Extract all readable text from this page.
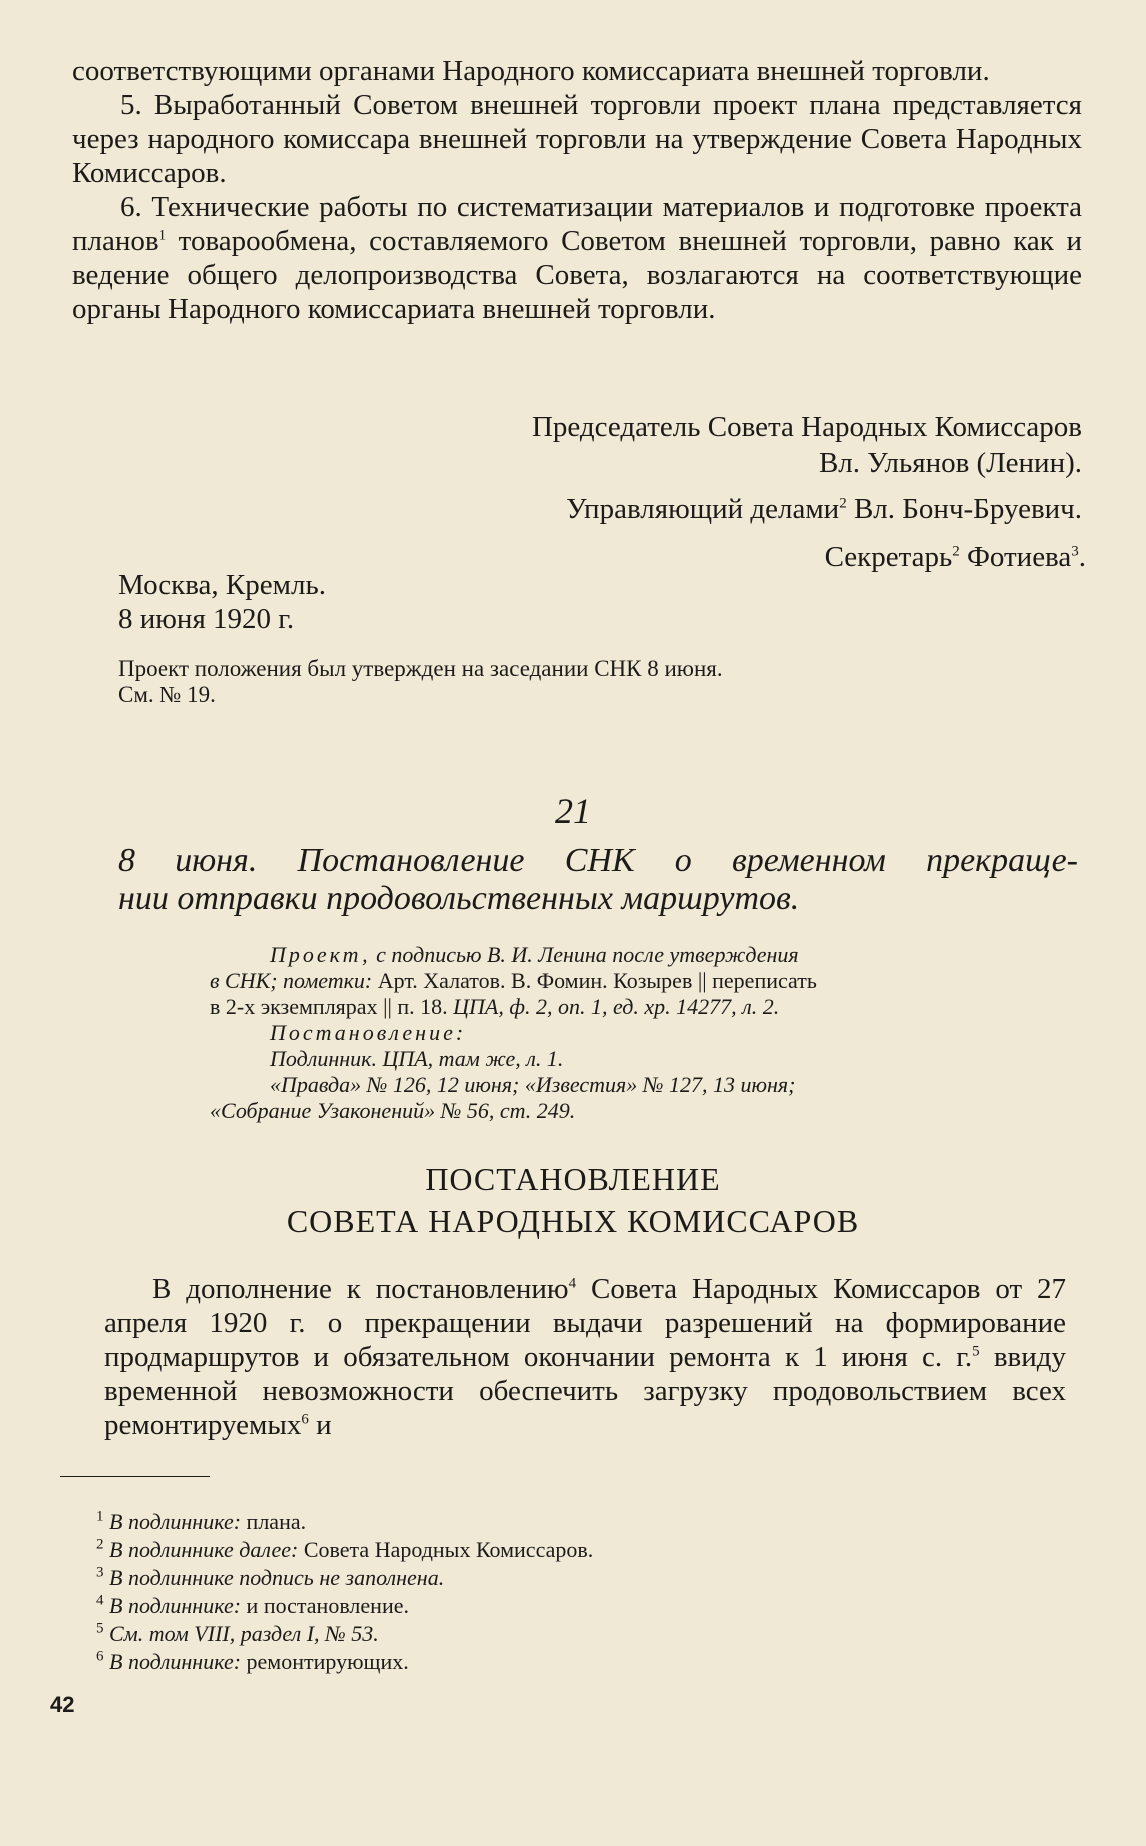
соответствующими органами Народного комиссариата внешней торговли.

5. Выработанный Советом внешней торговли проект плана представляется через народного комиссара внешней торговли на утверждение Совета Народных Комиссаров.

6. Технические работы по систематизации материалов и подготовке проекта планов$^1$ товарообмена, составляемого Советом внешней торговли, равно как и ведение общего делопроизводства Совета, возлагаются на соответствующие органы Народного комиссариата внешней торговли.

Председатель Совета Народных Комиссаров
Вл. Ульянов (Ленин).
Управляющий делами$^2$ Вл. Бонч-Бруевич.
Секретарь$^2$ Фотиева$^3$.
Москва, Кремль.
8 июня 1920 г.
Проект положения был утвержден на заседании СНК 8 июня.
См. № 19.
21
8 июня. Постановление СНК о временном прекраще-
нии отправки продовольственных маршрутов.
Проект, с подписью В. И. Ленина после утверждения
в СНК; пометки: Арт. Халатов. В. Фомин. Козырев || переписать
в 2-х экземплярах || п. 18. ЦПА, ф. 2, оп. 1, ед. хр. 14277, л. 2.
Постановление:
Подлинник. ЦПА, там же, л. 1.
«Правда» № 126, 12 июня; «Известия» № 127, 13 июня;
«Собрание Узаконений» № 56, ст. 249.
ПОСТАНОВЛЕНИЕ
СОВЕТА НАРОДНЫХ КОМИССАРОВ

В дополнение к постановлению$^4$ Совета Народных Комиссаров от 27 апреля 1920 г. о прекращении выдачи разрешений на формирование продмаршрутов и обязательном окончании ремонта к 1 июня с. г.$^5$ ввиду временной невозможности обеспечить загрузку продовольствием всех ремонтируемых$^6$ и

$^1$ В подлиннике: плана.
$^2$ В подлиннике далее: Совета Народных Комиссаров.
$^3$ В подлиннике подпись не заполнена.
$^4$ В подлиннике: и постановление.
$^5$ См. том VIII, раздел I, № 53.
$^6$ В подлиннике: ремонтирующих.
42
